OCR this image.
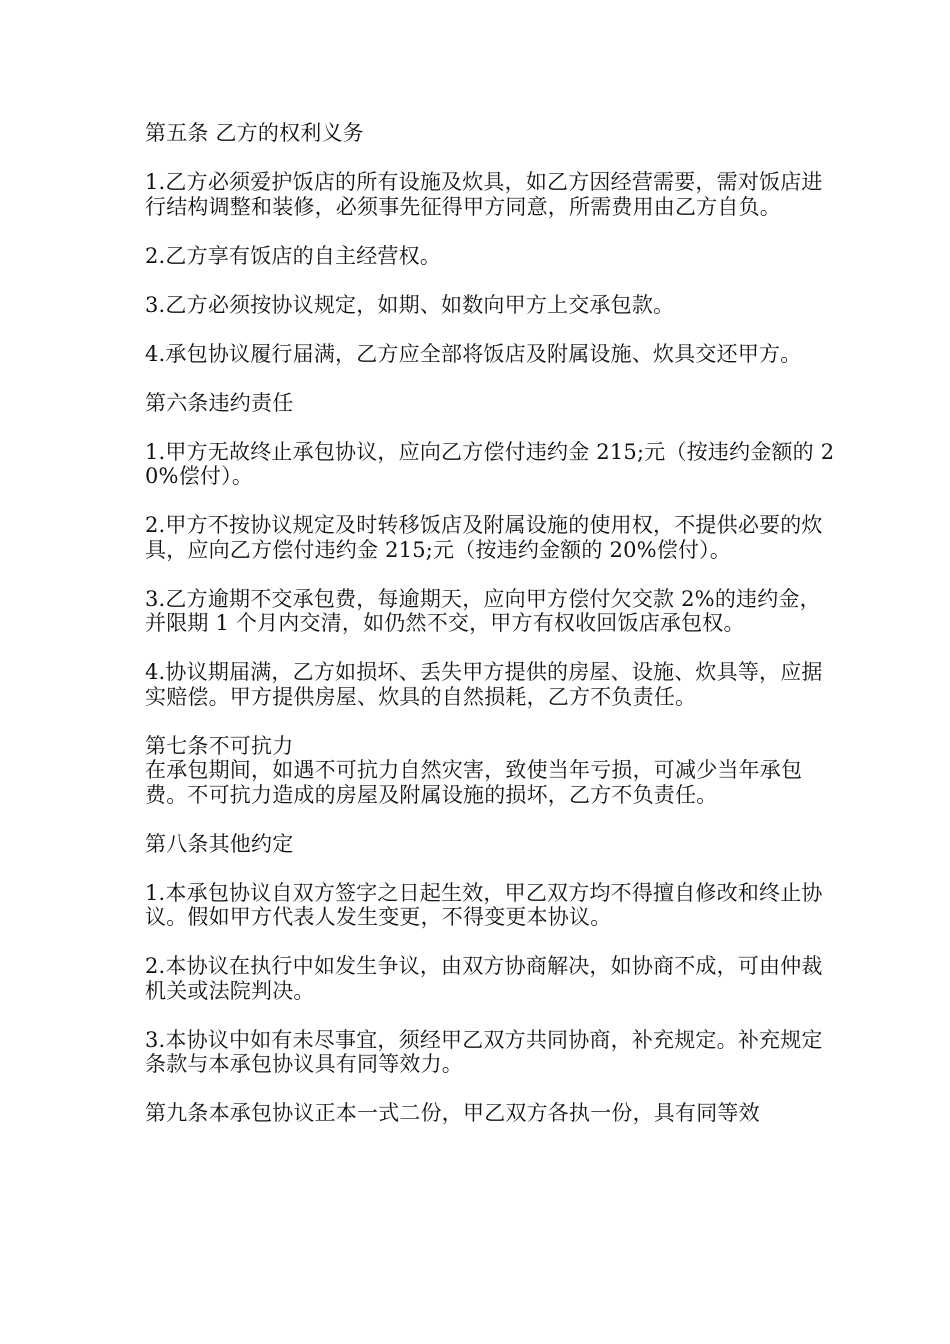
第五条 乙方的权利义务

1.乙方必须爱护饭店的所有设施及炊具，如乙方因经营需要，需对饭店进行结构调整和装修，必须事先征得甲方同意，所需费用由乙方自负。

2.乙方享有饭店的自主经营权。

3.乙方必须按协议规定，如期、如数向甲方上交承包款。

4.承包协议履行届满，乙方应全部将饭店及附属设施、炊具交还甲方。

第六条违约责任

1.甲方无故终止承包协议，应向乙方偿付违约金 215;元（按违约金额的 20%偿付）。

2.甲方不按协议规定及时转移饭店及附属设施的使用权，不提供必要的炊具，应向乙方偿付违约金 215;元（按违约金额的 20%偿付）。

3.乙方逾期不交承包费，每逾期天，应向甲方偿付欠交款 2%的违约金，并限期 1 个月内交清，如仍然不交，甲方有权收回饭店承包权。

4.协议期届满，乙方如损坏、丢失甲方提供的房屋、设施、炊具等，应据实赔偿。甲方提供房屋、炊具的自然损耗，乙方不负责任。

第七条不可抗力

在承包期间，如遇不可抗力自然灾害，致使当年亏损，可减少当年承包费。不可抗力造成的房屋及附属设施的损坏，乙方不负责任。

第八条其他约定

1.本承包协议自双方签字之日起生效，甲乙双方均不得擅自修改和终止协议。假如甲方代表人发生变更，不得变更本协议。

2.本协议在执行中如发生争议，由双方协商解决，如协商不成，可由仲裁机关或法院判决。

3.本协议中如有未尽事宜，须经甲乙双方共同协商，补充规定。补充规定条款与本承包协议具有同等效力。

第九条本承包协议正本一式二份，甲乙双方各执一份，具有同等效
